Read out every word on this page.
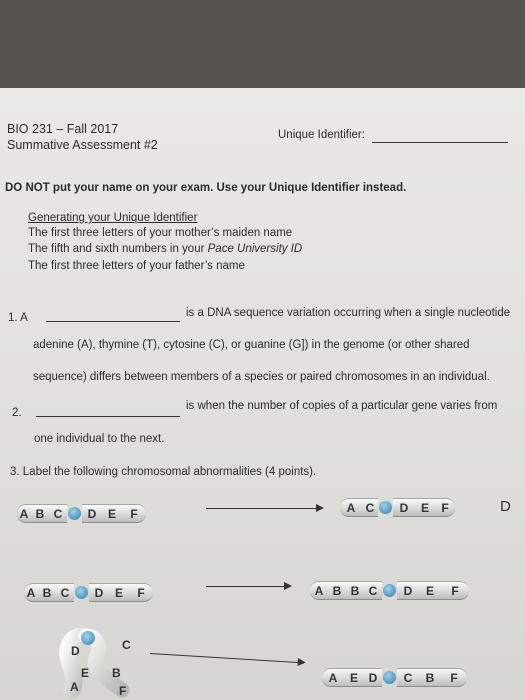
BIO 231 – Fall 2017
Summative Assessment #2
Unique Identifier:
DO NOT put your name on your exam. Use your Unique Identifier instead.
Generating your Unique Identifier
The first three letters of your mother’s maiden name
The fifth and sixth numbers in your Pace University ID
The first three letters of your father’s name
1. A	is a DNA sequence variation occurring when a single nucleotide
adenine (A), thymine (T), cytosine (C), or guanine (G]) in the genome (or other shared
sequence) differs between members of a species or paired chromosomes in an individual.
2.
is when the number of copies of a particular gene varies from
one individual to the next.
3. Label the following chromosomal abnormalities (4 points).
A B C	D E	F	A C	D	E	F	D
A B C	D E	F	A B B C	D	E	F
D	C
E B
A	F
A	E D	C	B	F
